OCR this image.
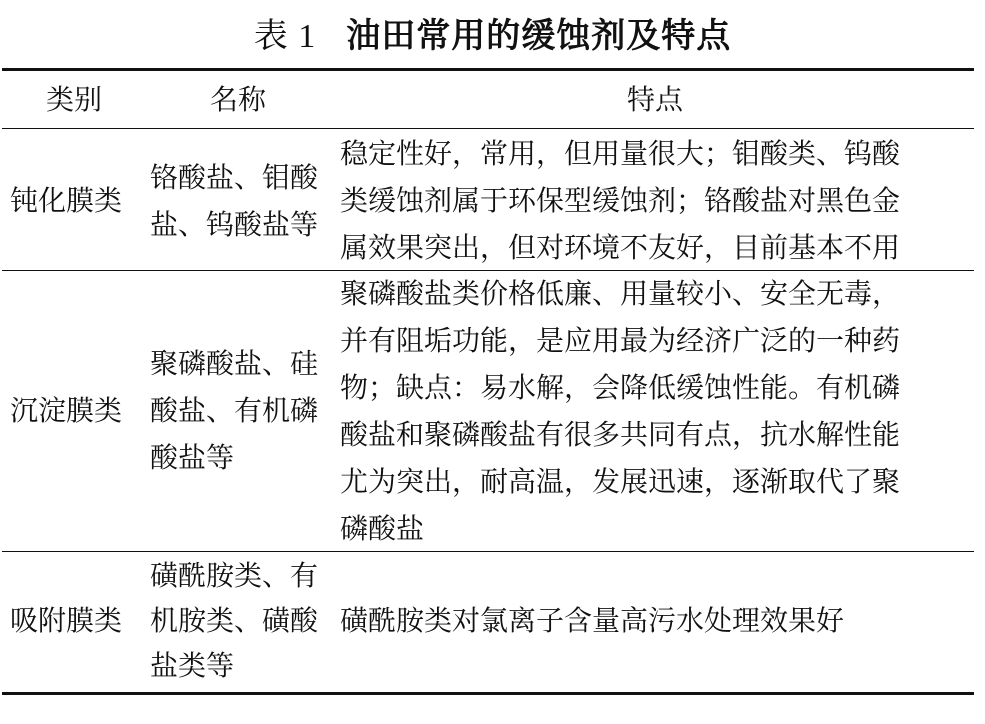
表 1 油田常用的缓蚀剂及特点
类别	名称	特点
钝化膜类
铬酸盐、钼酸
盐、钨酸盐等
稳定性好，常用，但用量很大；钼酸类、钨酸
类缓蚀剂属于环保型缓蚀剂；铬酸盐对黑色金
属效果突出，但对环境不友好，目前基本不用
沉淀膜类
聚磷酸盐、硅
酸盐、有机磷
酸盐等
聚磷酸盐类价格低廉、用量较小、安全无毒，
并有阻垢功能，是应用最为经济广泛的一种药
物；缺点：易水解，会降低缓蚀性能。有机磷
酸盐和聚磷酸盐有很多共同有点，抗水解性能
尤为突出，耐高温，发展迅速，逐渐取代了聚
磷酸盐
吸附膜类
磺酰胺类、有
机胺类、磺酸
盐类等
磺酰胺类对氯离子含量高污水处理效果好
